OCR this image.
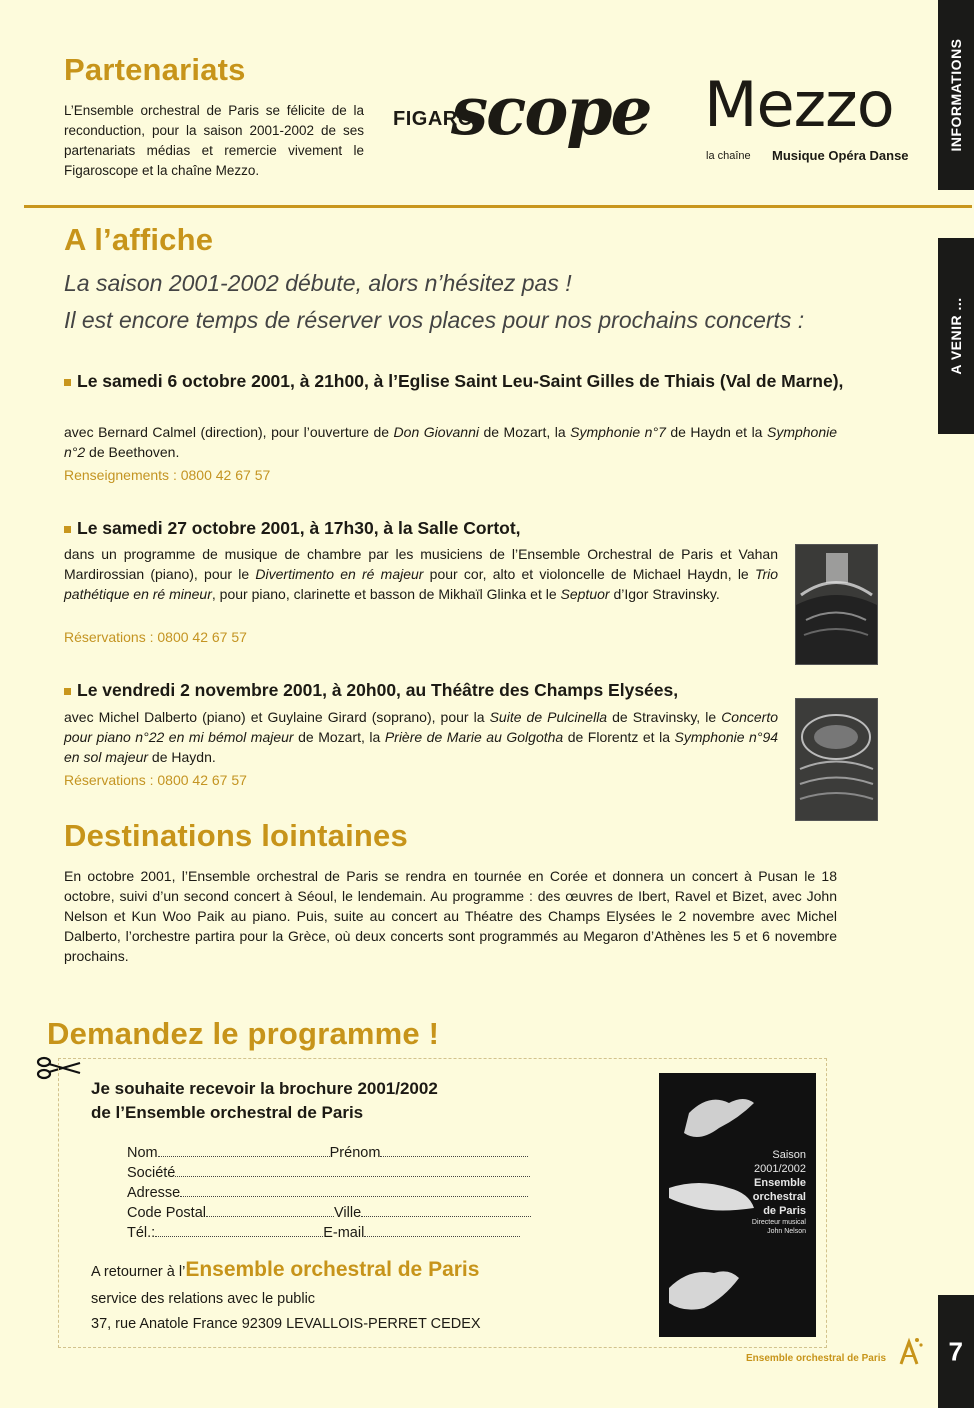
INFORMATIONS
A VENIR ...
7
Partenariats
L’Ensemble orchestral de Paris se félicite de la reconduction, pour la saison 2001-2002 de ses partenariats médias et remercie vivement le Figaroscope et la chaîne Mezzo.
FIGARO
scope Mezzo
la chaîne Musique Opéra Danse
A l’affiche
La saison 2001-2002 débute, alors n’hésitez pas !
Il est encore temps de réserver vos places pour nos prochains concerts :
Le samedi 6 octobre 2001, à 21h00, à l’Eglise Saint Leu-Saint Gilles de Thiais (Val de Marne),
avec Bernard Calmel (direction), pour l’ouverture de Don Giovanni de Mozart, la Symphonie n°7 de Haydn et la Symphonie n°2 de Beethoven.
Renseignements : 0800 42 67 57
Le samedi 27 octobre 2001, à 17h30, à la Salle Cortot,
dans un programme de musique de chambre par les musiciens de l’Ensemble Orchestral de Paris et Vahan Mardirossian (piano), pour le Divertimento en ré majeur pour cor, alto et violoncelle de Michael Haydn, le Trio pathétique en ré mineur, pour piano, clarinette et basson de Mikhaïl Glinka et le Septuor d’Igor Stravinsky.
Réservations : 0800 42 67 57
Le vendredi 2 novembre 2001, à 20h00, au Théâtre des Champs Elysées,
avec Michel Dalberto (piano) et Guylaine Girard (soprano), pour la Suite de Pulcinella de Stravinsky, le Concerto pour piano n°22 en mi bémol majeur de Mozart, la Prière de Marie au Golgotha de Florentz et la Symphonie n°94 en sol majeur de Haydn.
Réservations : 0800 42 67 57
Destinations lointaines
En octobre 2001, l’Ensemble orchestral de Paris se rendra en tournée en Corée et donnera un concert à Pusan le 18 octobre, suivi d’un second concert à Séoul, le lendemain. Au programme : des œuvres de Ibert, Ravel et Bizet, avec John Nelson et Kun Woo Paik au piano. Puis, suite au concert au Théatre des Champs Elysées le 2 novembre avec Michel Dalberto, l’orchestre partira pour la Grèce, où deux concerts sont programmés au Megaron d’Athènes les 5 et 6 novembre prochains.
Demandez le programme !
Je souhaite recevoir la brochure 2001/2002
de l’Ensemble orchestral de Paris
Nom	Prénom
Société
Adresse
Code Postal	Ville
Tél.:	E-mail
A retourner à l’Ensemble orchestral de Paris
service des relations avec le public
37, rue Anatole France 92309 LEVALLOIS-PERRET CEDEX
Saison
2001/2002
Ensemble
orchestral
de Paris
Directeur musical
John Nelson
Ensemble orchestral de Paris
